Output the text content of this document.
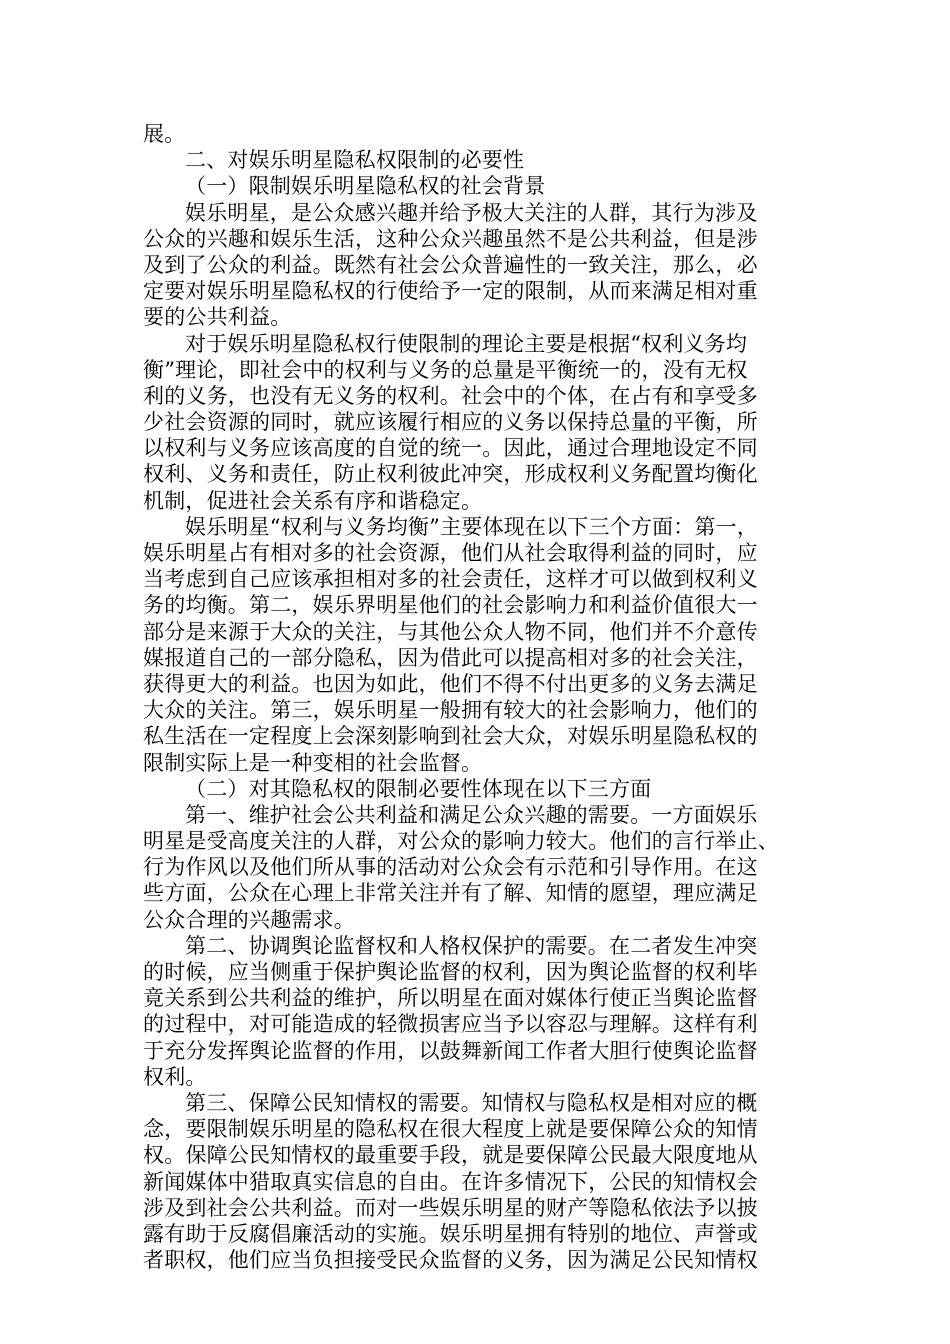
展。
二、对娱乐明星隐私权限制的必要性
（一）限制娱乐明星隐私权的社会背景
娱乐明星，是公众感兴趣并给予极大关注的人群，其行为涉及
公众的兴趣和娱乐生活，这种公众兴趣虽然不是公共利益，但是涉
及到了公众的利益。既然有社会公众普遍性的一致关注，那么，必
定要对娱乐明星隐私权的行使给予一定的限制，从而来满足相对重
要的公共利益。
对于娱乐明星隐私权行使限制的理论主要是根据“权利义务均
衡”理论，即社会中的权利与义务的总量是平衡统一的，没有无权
利的义务，也没有无义务的权利。社会中的个体，在占有和享受多
少社会资源的同时，就应该履行相应的义务以保持总量的平衡，所
以权利与义务应该高度的自觉的统一。因此，通过合理地设定不同
权利、义务和责任，防止权利彼此冲突，形成权利义务配置均衡化
机制，促进社会关系有序和谐稳定。
娱乐明星“权利与义务均衡”主要体现在以下三个方面：第一，
娱乐明星占有相对多的社会资源，他们从社会取得利益的同时，应
当考虑到自己应该承担相对多的社会责任，这样才可以做到权利义
务的均衡。第二，娱乐界明星他们的社会影响力和利益价值很大一
部分是来源于大众的关注，与其他公众人物不同，他们并不介意传
媒报道自己的一部分隐私，因为借此可以提高相对多的社会关注，
获得更大的利益。也因为如此，他们不得不付出更多的义务去满足
大众的关注。第三，娱乐明星一般拥有较大的社会影响力，他们的
私生活在一定程度上会深刻影响到社会大众，对娱乐明星隐私权的
限制实际上是一种变相的社会监督。
（二）对其隐私权的限制必要性体现在以下三方面
第一、维护社会公共利益和满足公众兴趣的需要。一方面娱乐
明星是受高度关注的人群，对公众的影响力较大。他们的言行举止、
行为作风以及他们所从事的活动对公众会有示范和引导作用。在这
些方面，公众在心理上非常关注并有了解、知情的愿望，理应满足
公众合理的兴趣需求。
第二、协调舆论监督权和人格权保护的需要。在二者发生冲突
的时候，应当侧重于保护舆论监督的权利，因为舆论监督的权利毕
竟关系到公共利益的维护，所以明星在面对媒体行使正当舆论监督
的过程中，对可能造成的轻微损害应当予以容忍与理解。这样有利
于充分发挥舆论监督的作用，以鼓舞新闻工作者大胆行使舆论监督
权利。
第三、保障公民知情权的需要。知情权与隐私权是相对应的概
念，要限制娱乐明星的隐私权在很大程度上就是要保障公众的知情
权。保障公民知情权的最重要手段，就是要保障公民最大限度地从
新闻媒体中猎取真实信息的自由。在许多情况下，公民的知情权会
涉及到社会公共利益。而对一些娱乐明星的财产等隐私依法予以披
露有助于反腐倡廉活动的实施。娱乐明星拥有特别的地位、声誉或
者职权，他们应当负担接受民众监督的义务，因为满足公民知情权
